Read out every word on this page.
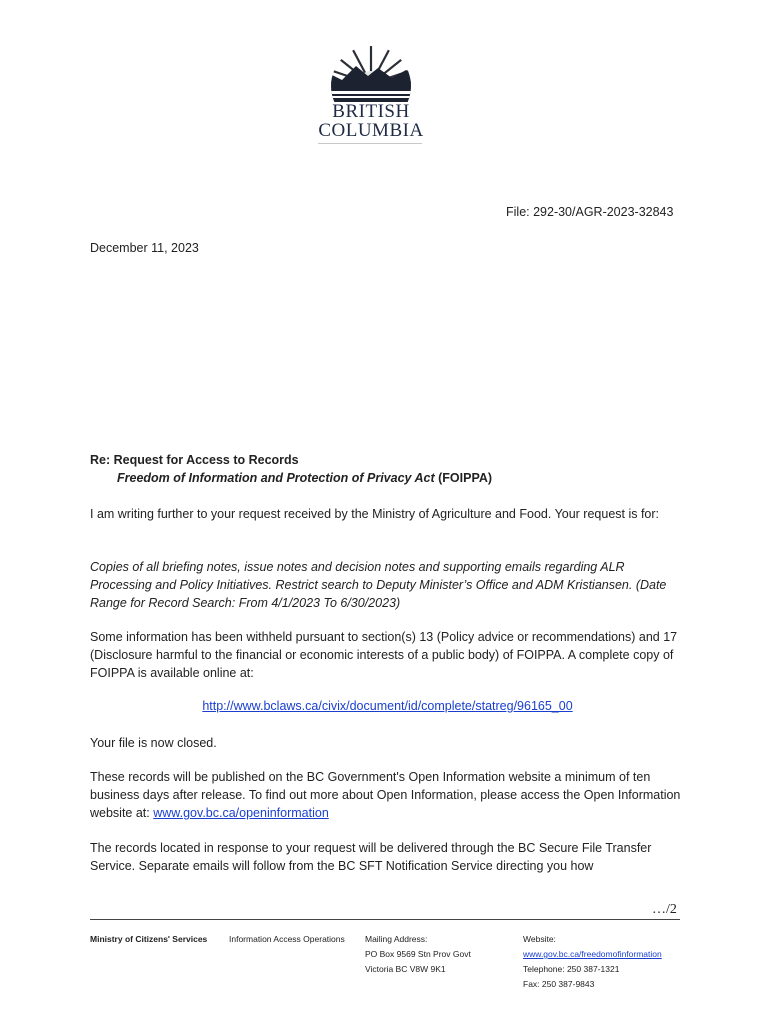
BRITISH
COLUMBIA
File: 292-30/AGR-2023-32843
December 11, 2023
Re: Request for Access to Records
Freedom of Information and Protection of Privacy Act (FOIPPA)
I am writing further to your request received by the Ministry of Agriculture and Food. Your request is for:
Copies of all briefing notes, issue notes and decision notes and supporting emails regarding ALR Processing and Policy Initiatives. Restrict search to Deputy Minister’s Office and ADM Kristiansen. (Date Range for Record Search: From 4/1/2023 To 6/30/2023)
Some information has been withheld pursuant to section(s) 13 (Policy advice or recommendations) and 17 (Disclosure harmful to the financial or economic interests of a public body) of FOIPPA. A complete copy of FOIPPA is available online at:
http://www.bclaws.ca/civix/document/id/complete/statreg/96165_00
Your file is now closed.
These records will be published on the BC Government's Open Information website a minimum of ten business days after release. To find out more about Open Information, please access the Open Information website at: www.gov.bc.ca/openinformation
The records located in response to your request will be delivered through the BC Secure File Transfer Service. Separate emails will follow from the BC SFT Notification Service directing you how
…/2
Ministry of Citizens' Services	Information Access Operations Mailing Address:
PO Box 9569 Stn Prov Govt
Victoria BC V8W 9K1
Website:
www.gov.bc.ca/freedomofinformation
Telephone: 250 387-1321
Fax: 250 387-9843
